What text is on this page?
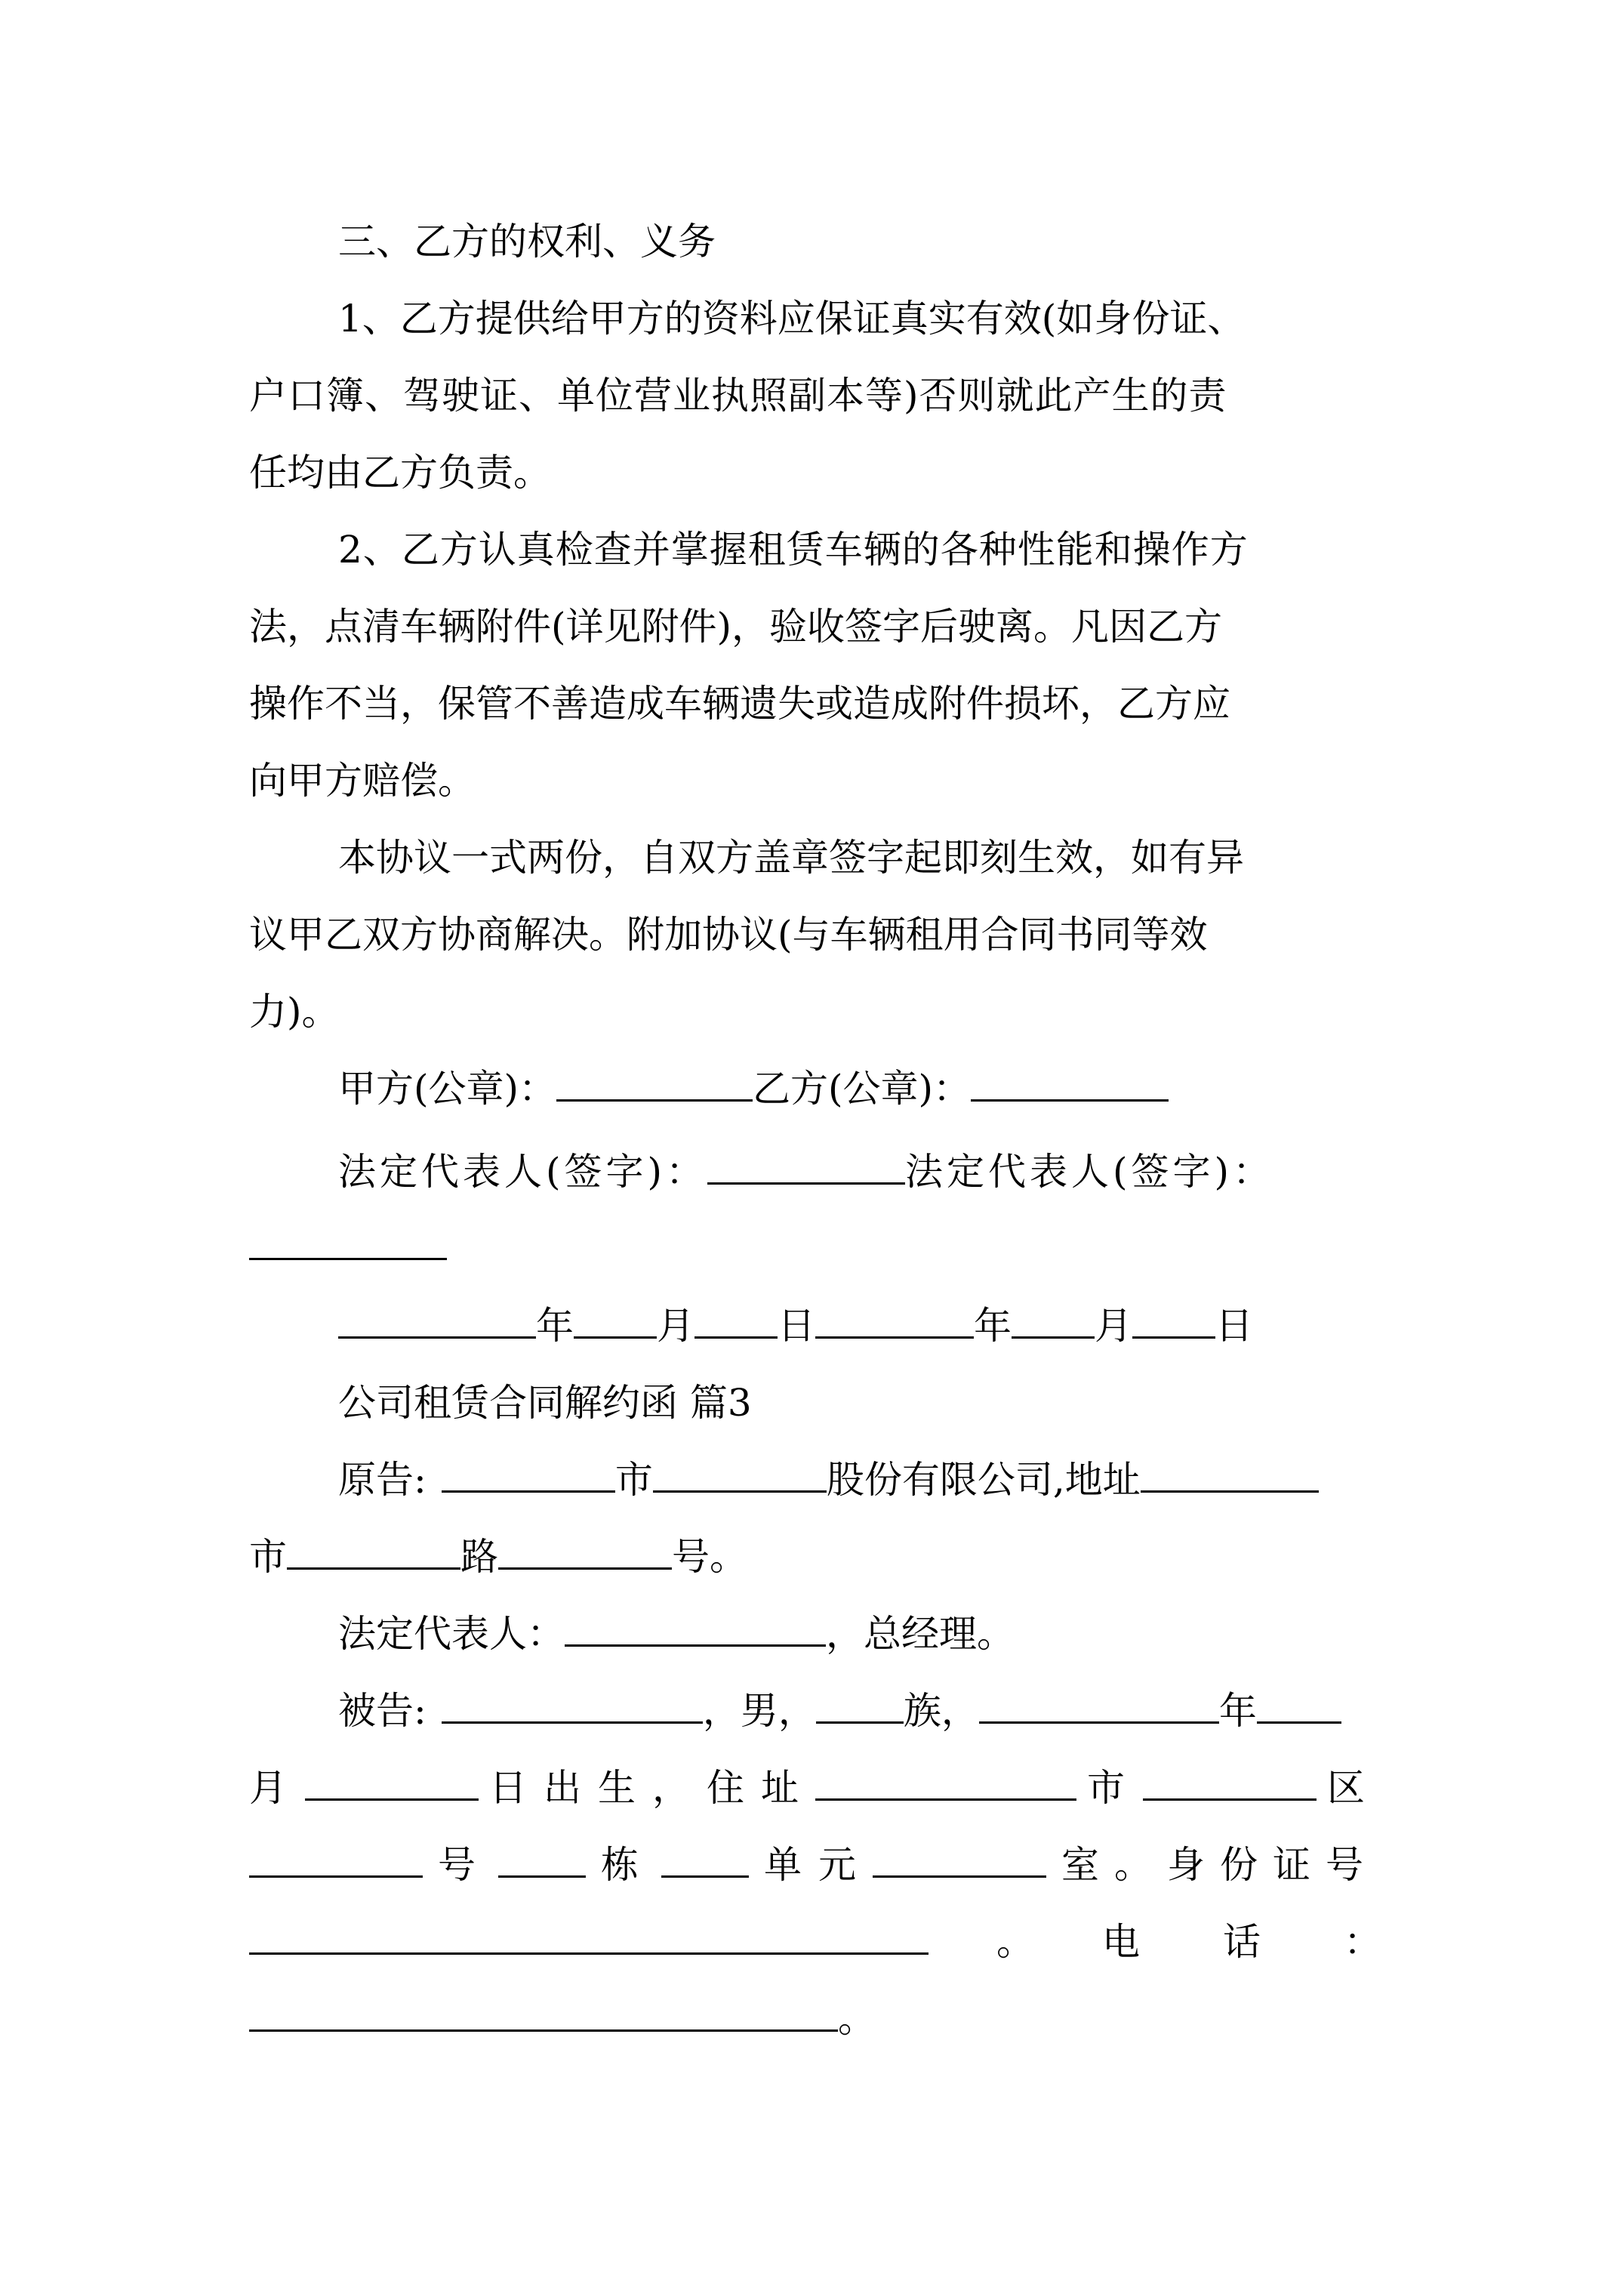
三、乙方的权利、义务

1、乙方提供给甲方的资料应保证真实有效(如身份证、

户口簿、驾驶证、单位营业执照副本等)否则就此产生的责

任均由乙方负责。

2、乙方认真检查并掌握租赁车辆的各种性能和操作方

法，点清车辆附件(详见附件)，验收签字后驶离。凡因乙方

操作不当，保管不善造成车辆遗失或造成附件损坏，乙方应

向甲方赔偿。

本协议一式两份，自双方盖章签字起即刻生效，如有异

议甲乙双方协商解决。附加协议(与车辆租用合同书同等效

力)。

甲方(公章)：	乙方(公章)：

法定代表人(签字)：	法定代表人(签字)：

年 月 日	年 月 日

公司租赁合同解约函 篇3

原告:	市	股份有限公司,地址

市	路	号。

法定代表人：	，总经理。

被告:	，男， 族，	年

月	日出生，住址	市	区

号	栋	单元	室。身份证号

。 电话：

。
